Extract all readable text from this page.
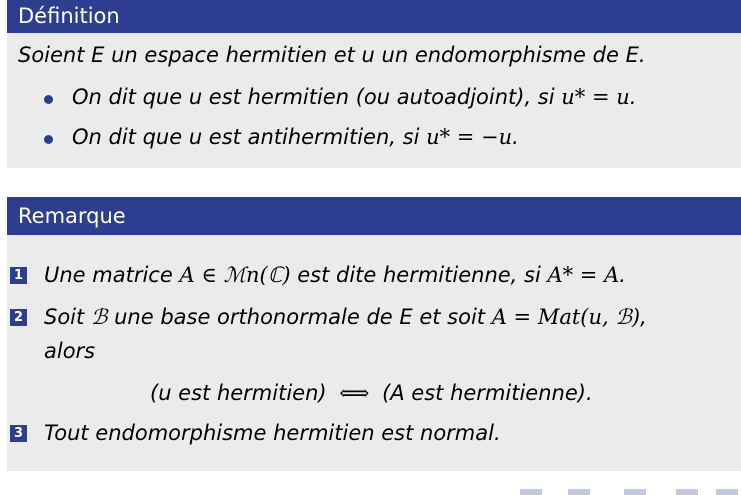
Définition
Soient E un espace hermitien et u un endomorphisme de E.
On dit que u est hermitien (ou autoadjoint), si u* = u.
On dit que u est antihermitien, si u* = −u.
Remarque
1 Une matrice A ∈ ℳn(ℂ) est dite hermitienne, si A* = A.
2 Soit ℬ une base orthonormale de E et soit A = Mat(u, ℬ),
alors
(u est hermitien) ⟺ (A est hermitienne).
3 Tout endomorphisme hermitien est normal.
